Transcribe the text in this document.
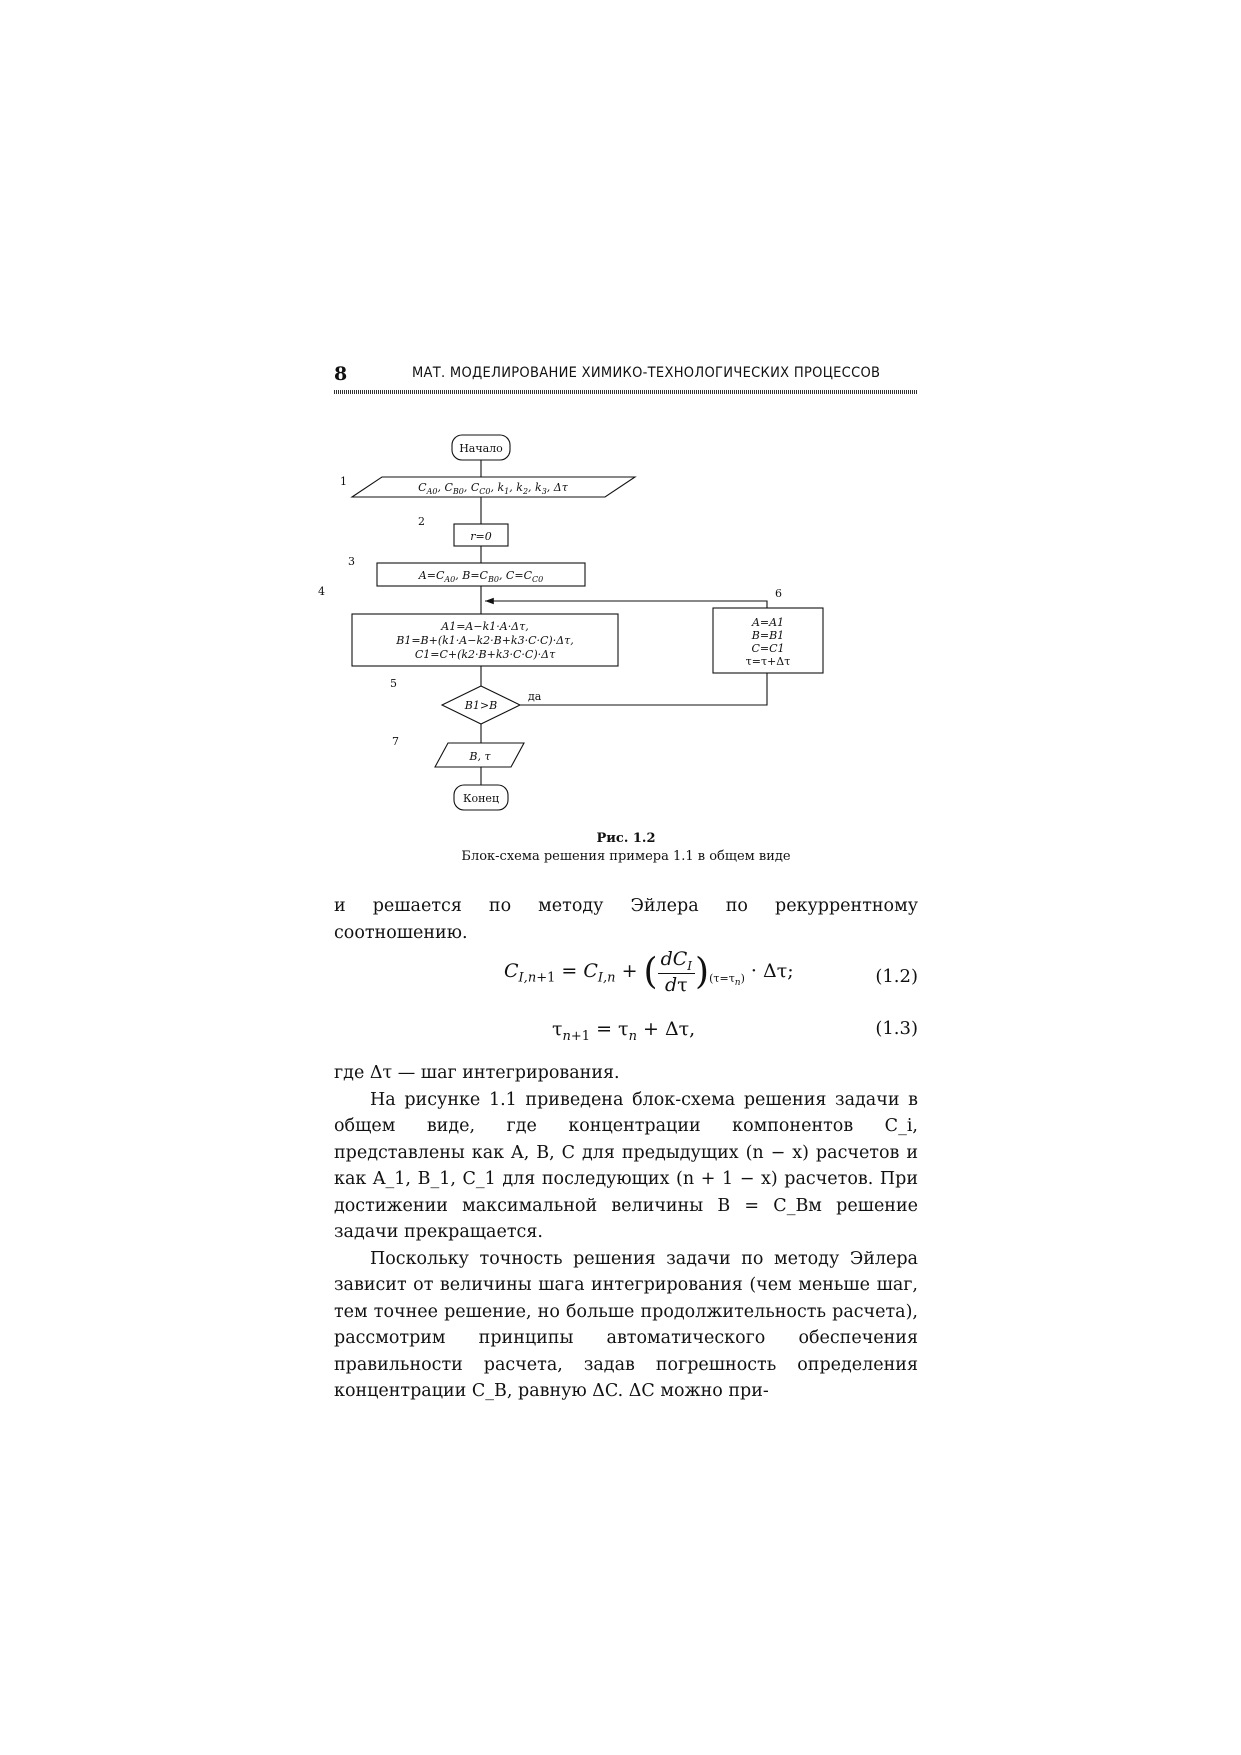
8	МАТ. МОДЕЛИРОВАНИЕ ХИМИКО-ТЕХНОЛОГИЧЕСКИХ ПРОЦЕССОВ
Начало
1	$C_{A0}$, $C_{B0}$, $C_{C0}$, $k_1$, $k_2$, $k_3$, Δτ
2
r=0
3
$A=C_{A0}$, $B=C_{B0}$, $C=C_{C0}$
4
A1=A−k1·A·Δτ,
B1=B+(k1·A−k2·B+k3·C·C)·Δτ,
C1=C+(k2·B+k3·C·C)·Δτ
5
B1>B
да
6
A=A1
B=B1
C=C1
τ=τ+Δτ
7
B, τ
Конец
Рис. 1.2
Блок-схема решения примера 1.1 в общем виде

и решается по методу Эйлера по рекуррентному соотношению.

$C_{I,n+1} = C_{I,n}$ + ( $\frac{dC_I}{d\tau} )_{(\tau=\tau_n)} \cdot \Delta\tau$;	(1.2)
$\tau_{n+1} = \tau_n + \Delta\tau$,	(1.3)

где Δτ — шаг интегрирования.

На рисунке 1.1 приведена блок-схема решения задачи в общем виде, где концентрации компонентов C_i, представлены как A, B, C для предыдущих (n − x) расчетов и как A_1, B_1, C_1 для последующих (n + 1 − x) расчетов. При достижении максимальной величины B = C_Bм решение задачи прекращается.

Поскольку точность решения задачи по методу Эйлера зависит от величины шага интегрирования (чем меньше шаг, тем точнее решение, но больше продолжительность расчета), рассмотрим принципы автоматического обеспечения правильности расчета, задав погрешность определения концентрации C_B, равную ΔC. ΔC можно при-
